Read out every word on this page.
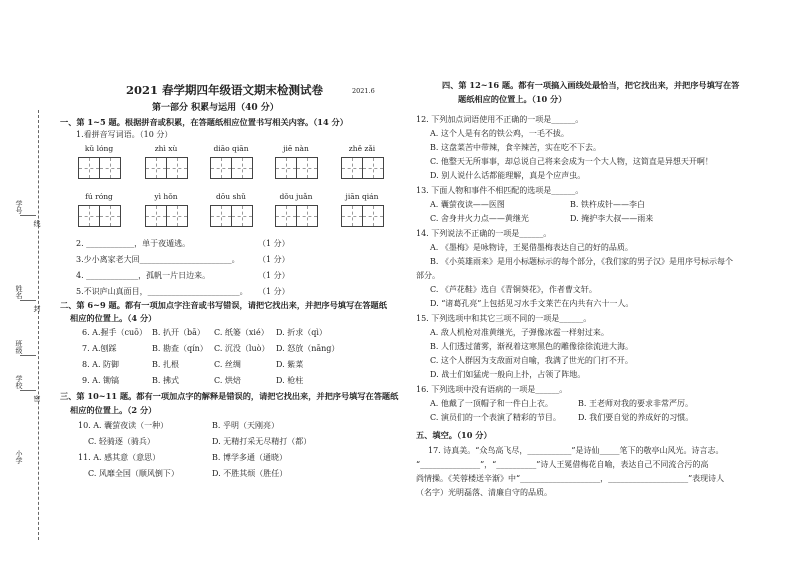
学号
姓名
班级
学校
线
封
密
小学
2021 春学期四年级语文期末检测试卷	2021.6
第一部分 积累与运用（40 分）
一、第 1~5 题。根据拼音或积累，在答题纸相应位置书写相关内容。（14 分）
1.看拼音写词语。（10 分）
kǔ lóng	zhì xù	diāo qiān	jiē nàn	zhě zǎi
fú róng	yì hǒn	dōu shǔ	dǒu juǎn	jiān qián
2. ____________，单于夜遁逃。	（1 分）
3.少小离家老大回_______________________。 （1 分）
4. _____________，孤帆一片日边来。	（1 分）
5.不识庐山真面目，_______________________。 （1 分）
二、第 6~9 题。都有一项加点字注音或书写错误，请把它找出来，并把序号填写在答题纸
相应的位置上。（4 分）
6. A.握手（cuō） B. 扒开（bā） C. 纸篓（xié） D. 折求（qì）
7. A.刨踩	B. 勘查（qín） C. 沉没（luò） D. 怒放（nāng）
8. A. 防御	B. 扎根	C. 丝绸	D. 紫菜
9. A. 锄镐	B. 拂式	C. 烘焙	D. 枪柱
三、第 10~11 题。都有一项加点字的解释是错误的，请把它找出来，并把序号填写在答题纸
相应的位置上。（2 分）
10. A. 囊萤夜读（一种）	B. 乎明（天刚亮）
C. 轻骑逐（骑兵）	D. 无精打采无尽精打（都）
11. A. 感其意（意思）	B. 博学多通（通晓）
C. 风靡全国（顺风倒下）	D. 不胜其烦（胜任）
四、第 12~16 题。都有一项搞入画线处最恰当，把它找出来，并把序号填写在答
题纸相应的位置上。（10 分）
12. 下列加点词语使用不正确的一项是______。
A. 这个人是有名的铁公鸡，一毛不拔。
B. 这盘菜苦中带辣，食辛辣苦，实在吃不下去。
C. 他整天无所事事，却总说自己将来会成为一个大人物，这简直是异想天开啊！
D. 别人说什么话都能理解，真是个应声虫。
13. 下面人物和事件不相匹配的选项是______。
A. 囊萤夜读——医图	B. 铁杵成针——李白
C. 舍身井火力点——黄继光	D. 掩护李大叔——雨来
14. 下列说法不正确的一项是______。
A. 《墨梅》是咏物诗，王冕借墨梅表达自己的好的品质。
B. 《小英雄雨来》是用小标题标示的每个部分，《我们家的男子汉》是用序号标示每个
部分。
C. 《芦花鞋》选自《青铜葵花》，作者曹文轩。
D. “诸葛孔亮”上包括见习水手文莱芒在内共有六十一人。
15. 下列选项中和其它三项不同的一项是______。
A. 敌人机枪对准黄继光，子弹像冰雹一样射过来。
B. 人们透过蒲雾，渐视着这寒黑色的雕像徐徐流进大海。
C. 这个人群因为支敌面对自喻，我满了世光的门打不开。
D. 战士们如猛虎一般向上扑，占领了阵地。
16. 下列选项中没有语病的一项是______。
A. 他戴了一顶帽子和一件白上衣。	B. 王老师对我的要求非常严厉。
C. 演员们的一个表演了精彩的节目。 D. 我们要自觉的养成好的习惯。
五、填空。（10 分）
17. 诗真美。“众鸟高飞尽，___________”是诗仙_____笔下的敬亭山风光。诗言志。
“_______________”，“__________”诗人王冕借梅花自喻，表达自己不同流合污的高
尚情操。《芙蓉楼送辛渐》中“____________________，____________________”表现诗人
（名字）光明磊落、清廉自守的品质。
